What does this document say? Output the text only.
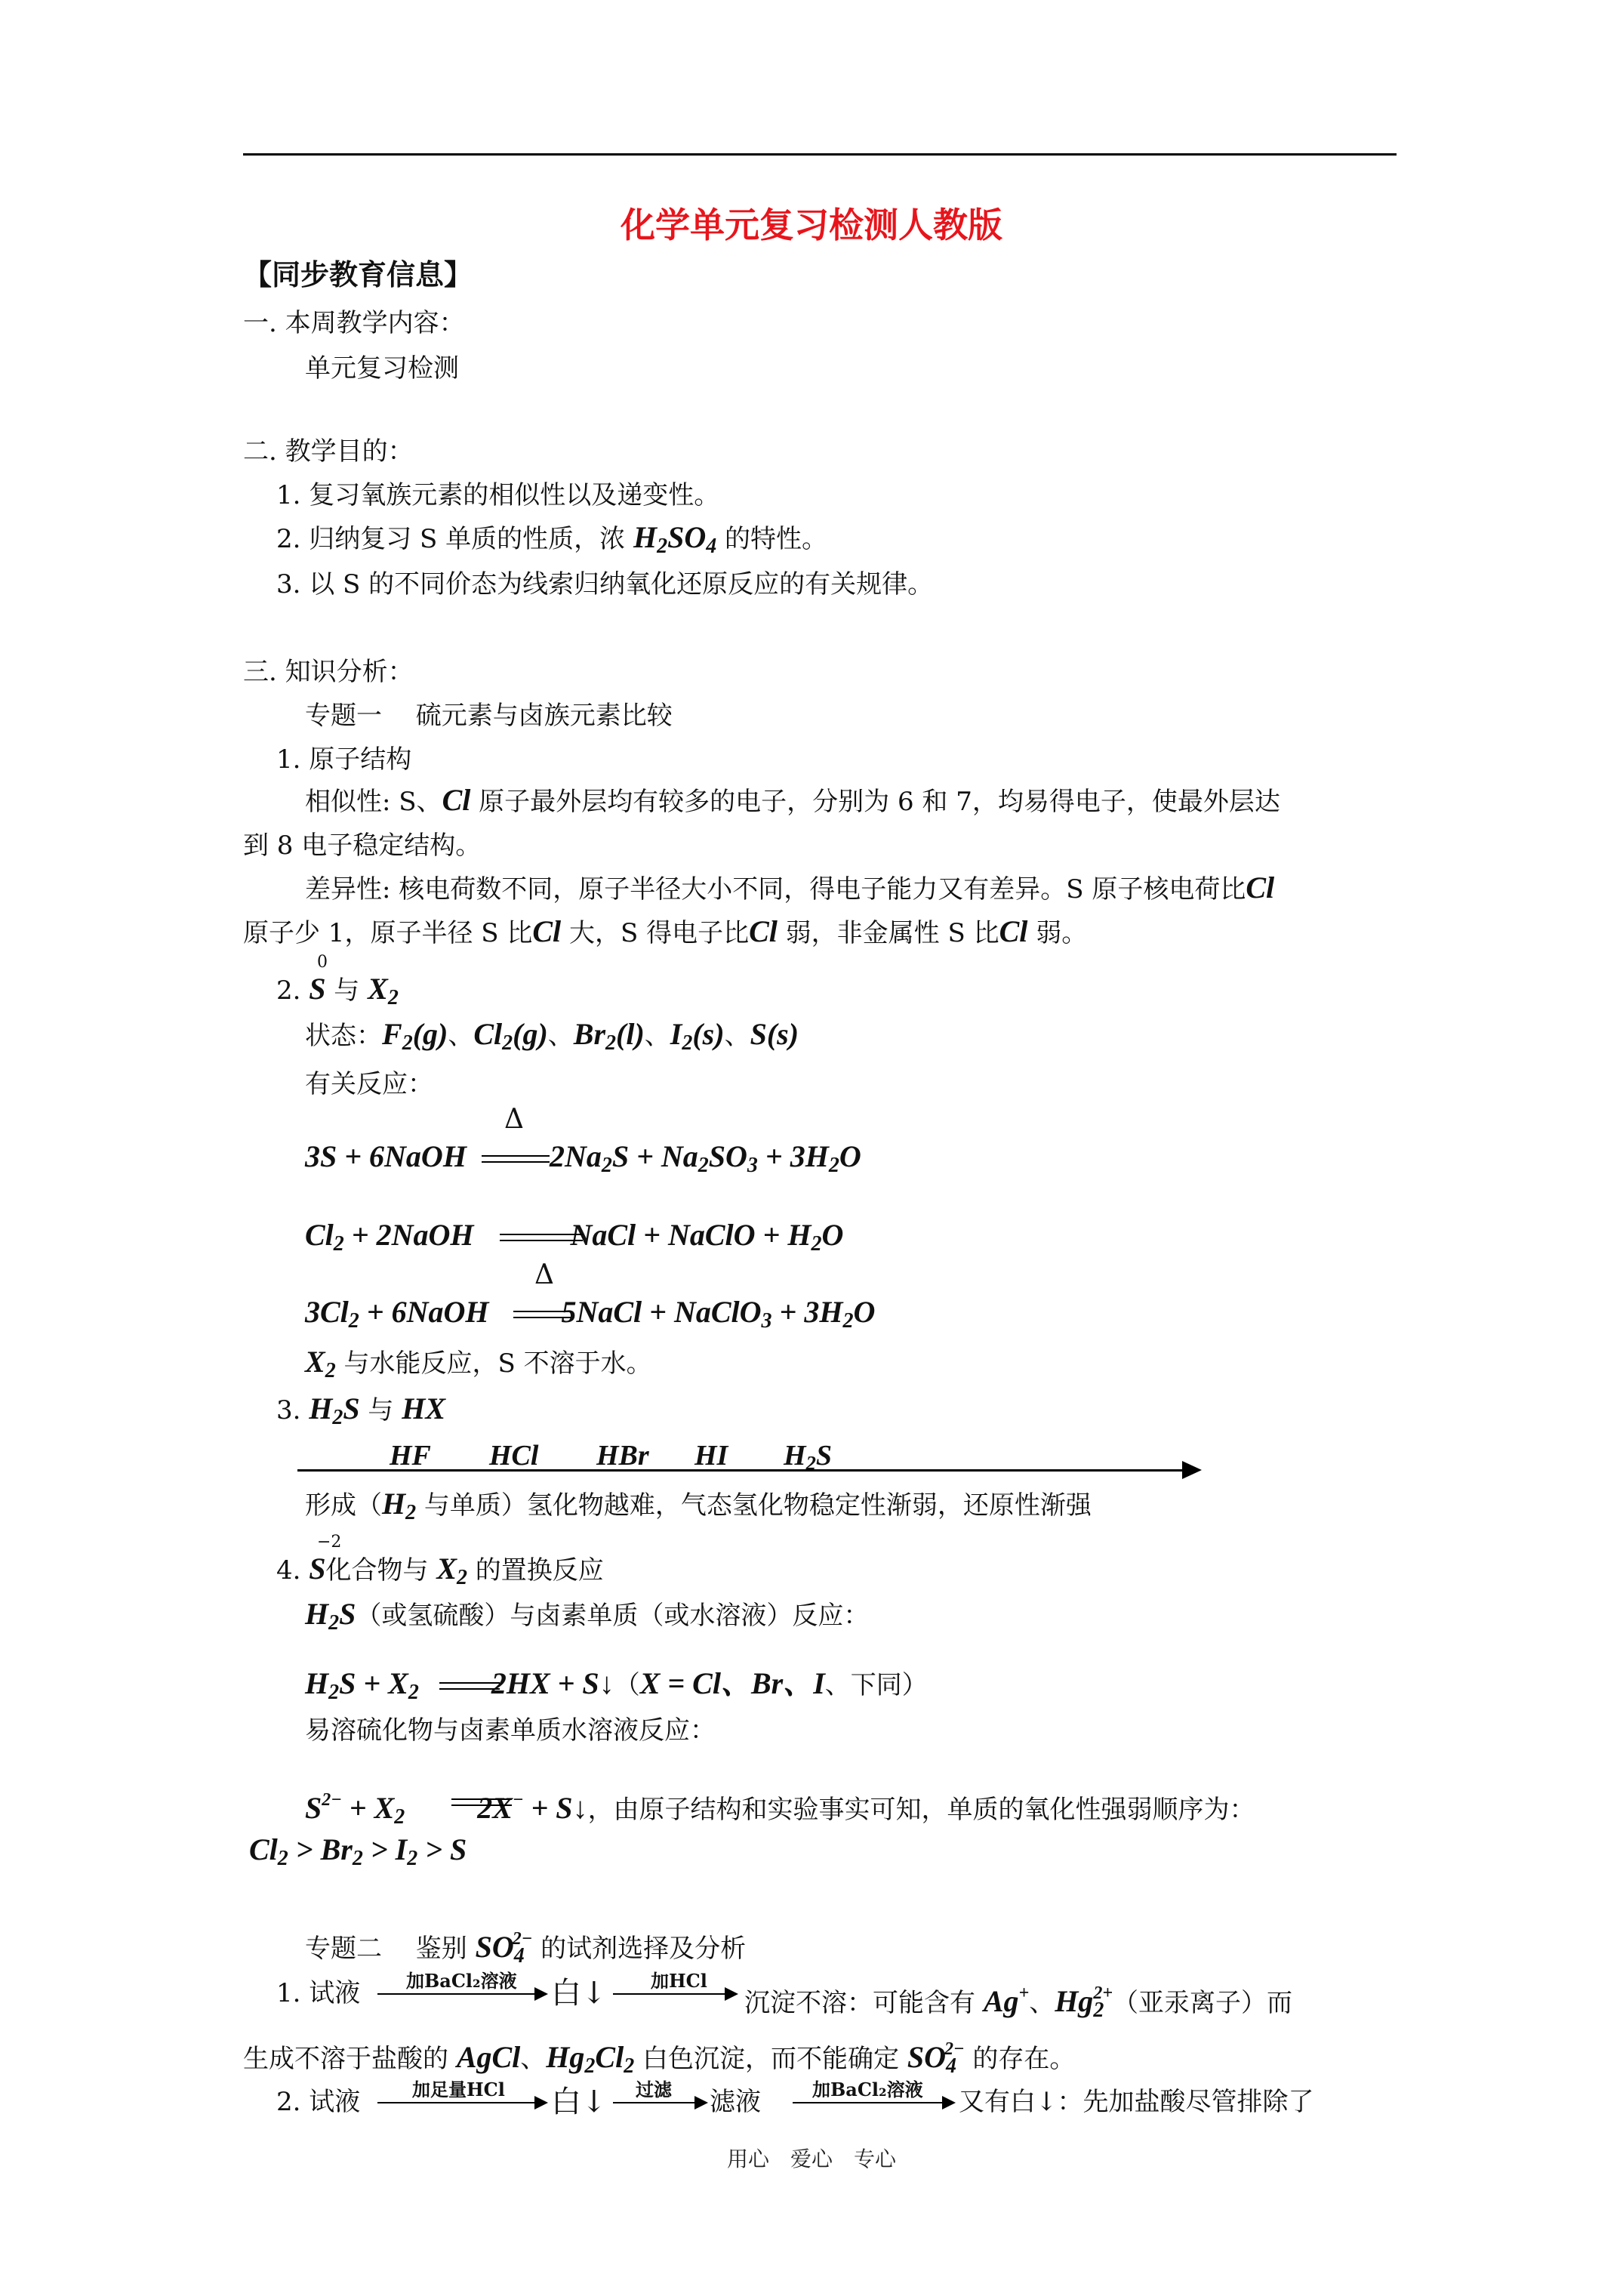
化学单元复习检测人教版
【同步教育信息】
一. 本周教学内容：
单元复习检测
二. 教学目的：
1. 复习氧族元素的相似性以及递变性。
2. 归纳复习 S 单质的性质，浓 $H_2SO_4$ 的特性。
3. 以 S 的不同价态为线索归纳氧化还原反应的有关规律。
三. 知识分析：
专题一　 硫元素与卤族元素比较
1. 原子结构
相似性: S、Cl 原子最外层均有较多的电子，分别为 6 和 7，均易得电子，使最外层达
到 8 电子稳定结构。
差异性: 核电荷数不同，原子半径大小不同，得电子能力又有差异。S 原子核电荷比Cl
原子少 1，原子半径 S 比Cl 大，S 得电子比Cl 弱，非金属性 S 比Cl 弱。
0
2. S 与 $X_2$
状态：$F_2(g)$、$Cl_2(g)$、$Br_2(l)$、$I_2(s)$、S(s)
有关反应：
Δ
3S + 6NaOH	$2Na_2S + Na_2SO_3 + 3H_2O$
$Cl_2$ + 2NaOH	NaCl + NaClO + $H_2O$
Δ
$3Cl_2$ + 6NaOH 5NaCl + NaClO$_3$ + $3H_2O$
$X_2$ 与水能反应，S 不溶于水。
3. $H_2S$ 与 HX
HF HCl HBr HI $H_2S$
形成（$H_2$ 与单质）氢化物越难，气态氢化物稳定性渐弱，还原性渐强
−2
4. S化合物与 $X_2$ 的置换反应
$H_2S$（或氢硫酸）与卤素单质（或水溶液）反应：
$H_2S + X_2$ 2HX + S↓（X = Cl、Br、I、下同）
易溶硫化物与卤素单质水溶液反应：
$S^{2-} + X_2$ 2X− + S↓，由原子结构和实验事实可知，单质的氧化性强弱顺序为：
$Cl_2 > Br_2 > I_2 > S$
专题二　 鉴别 $SO_4^{2-}$ 的试剂选择及分析
1. 试液	加BaCl₂溶液 白↓ 加HCl
沉淀不溶：可能含有 Ag+、$Hg_2^{2+}$（亚汞离子）而
生成不溶于盐酸的 AgCl、$Hg_2Cl_2$ 白色沉淀，而不能确定 $SO_4^{2-}$ 的存在。
2. 试液	加足量HCl 白↓ 过滤 滤液	加BaCl₂溶液 又有白↓：先加盐酸尽管排除了
用心　爱心　专心
